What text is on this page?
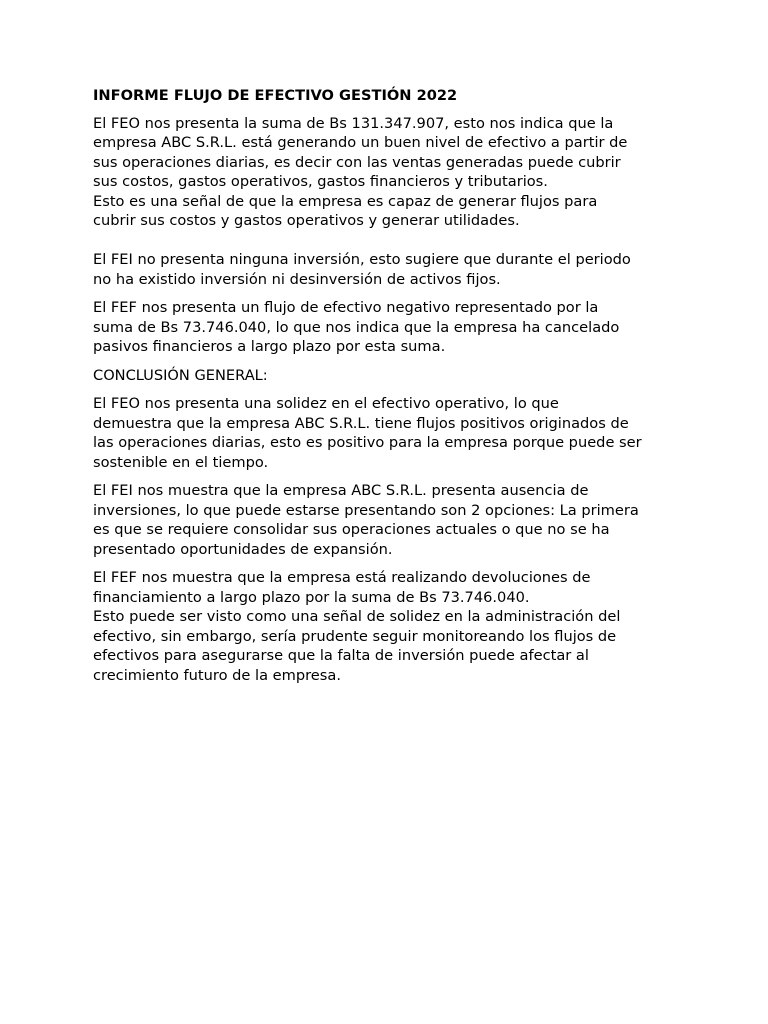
INFORME FLUJO DE EFECTIVO GESTIÓN 2022
El FEO nos presenta la suma de Bs 131.347.907, esto nos indica que la
empresa ABC S.R.L. está generando un buen nivel de efectivo a partir de
sus operaciones diarias, es decir con las ventas generadas puede cubrir
sus costos, gastos operativos, gastos financieros y tributarios.
Esto es una señal de que la empresa es capaz de generar flujos para
cubrir sus costos y gastos operativos y generar utilidades.
El FEI no presenta ninguna inversión, esto sugiere que durante el periodo
no ha existido inversión ni desinversión de activos fijos.
El FEF nos presenta un flujo de efectivo negativo representado por la
suma de Bs 73.746.040, lo que nos indica que la empresa ha cancelado
pasivos financieros a largo plazo por esta suma.
CONCLUSIÓN GENERAL:
El FEO nos presenta una solidez en el efectivo operativo, lo que
demuestra que la empresa ABC S.R.L. tiene flujos positivos originados de
las operaciones diarias, esto es positivo para la empresa porque puede ser
sostenible en el tiempo.
El FEI nos muestra que la empresa ABC S.R.L. presenta ausencia de
inversiones, lo que puede estarse presentando son 2 opciones: La primera
es que se requiere consolidar sus operaciones actuales o que no se ha
presentado oportunidades de expansión.
El FEF nos muestra que la empresa está realizando devoluciones de
financiamiento a largo plazo por la suma de Bs 73.746.040.
Esto puede ser visto como una señal de solidez en la administración del
efectivo, sin embargo, sería prudente seguir monitoreando los flujos de
efectivos para asegurarse que la falta de inversión puede afectar al
crecimiento futuro de la empresa.
